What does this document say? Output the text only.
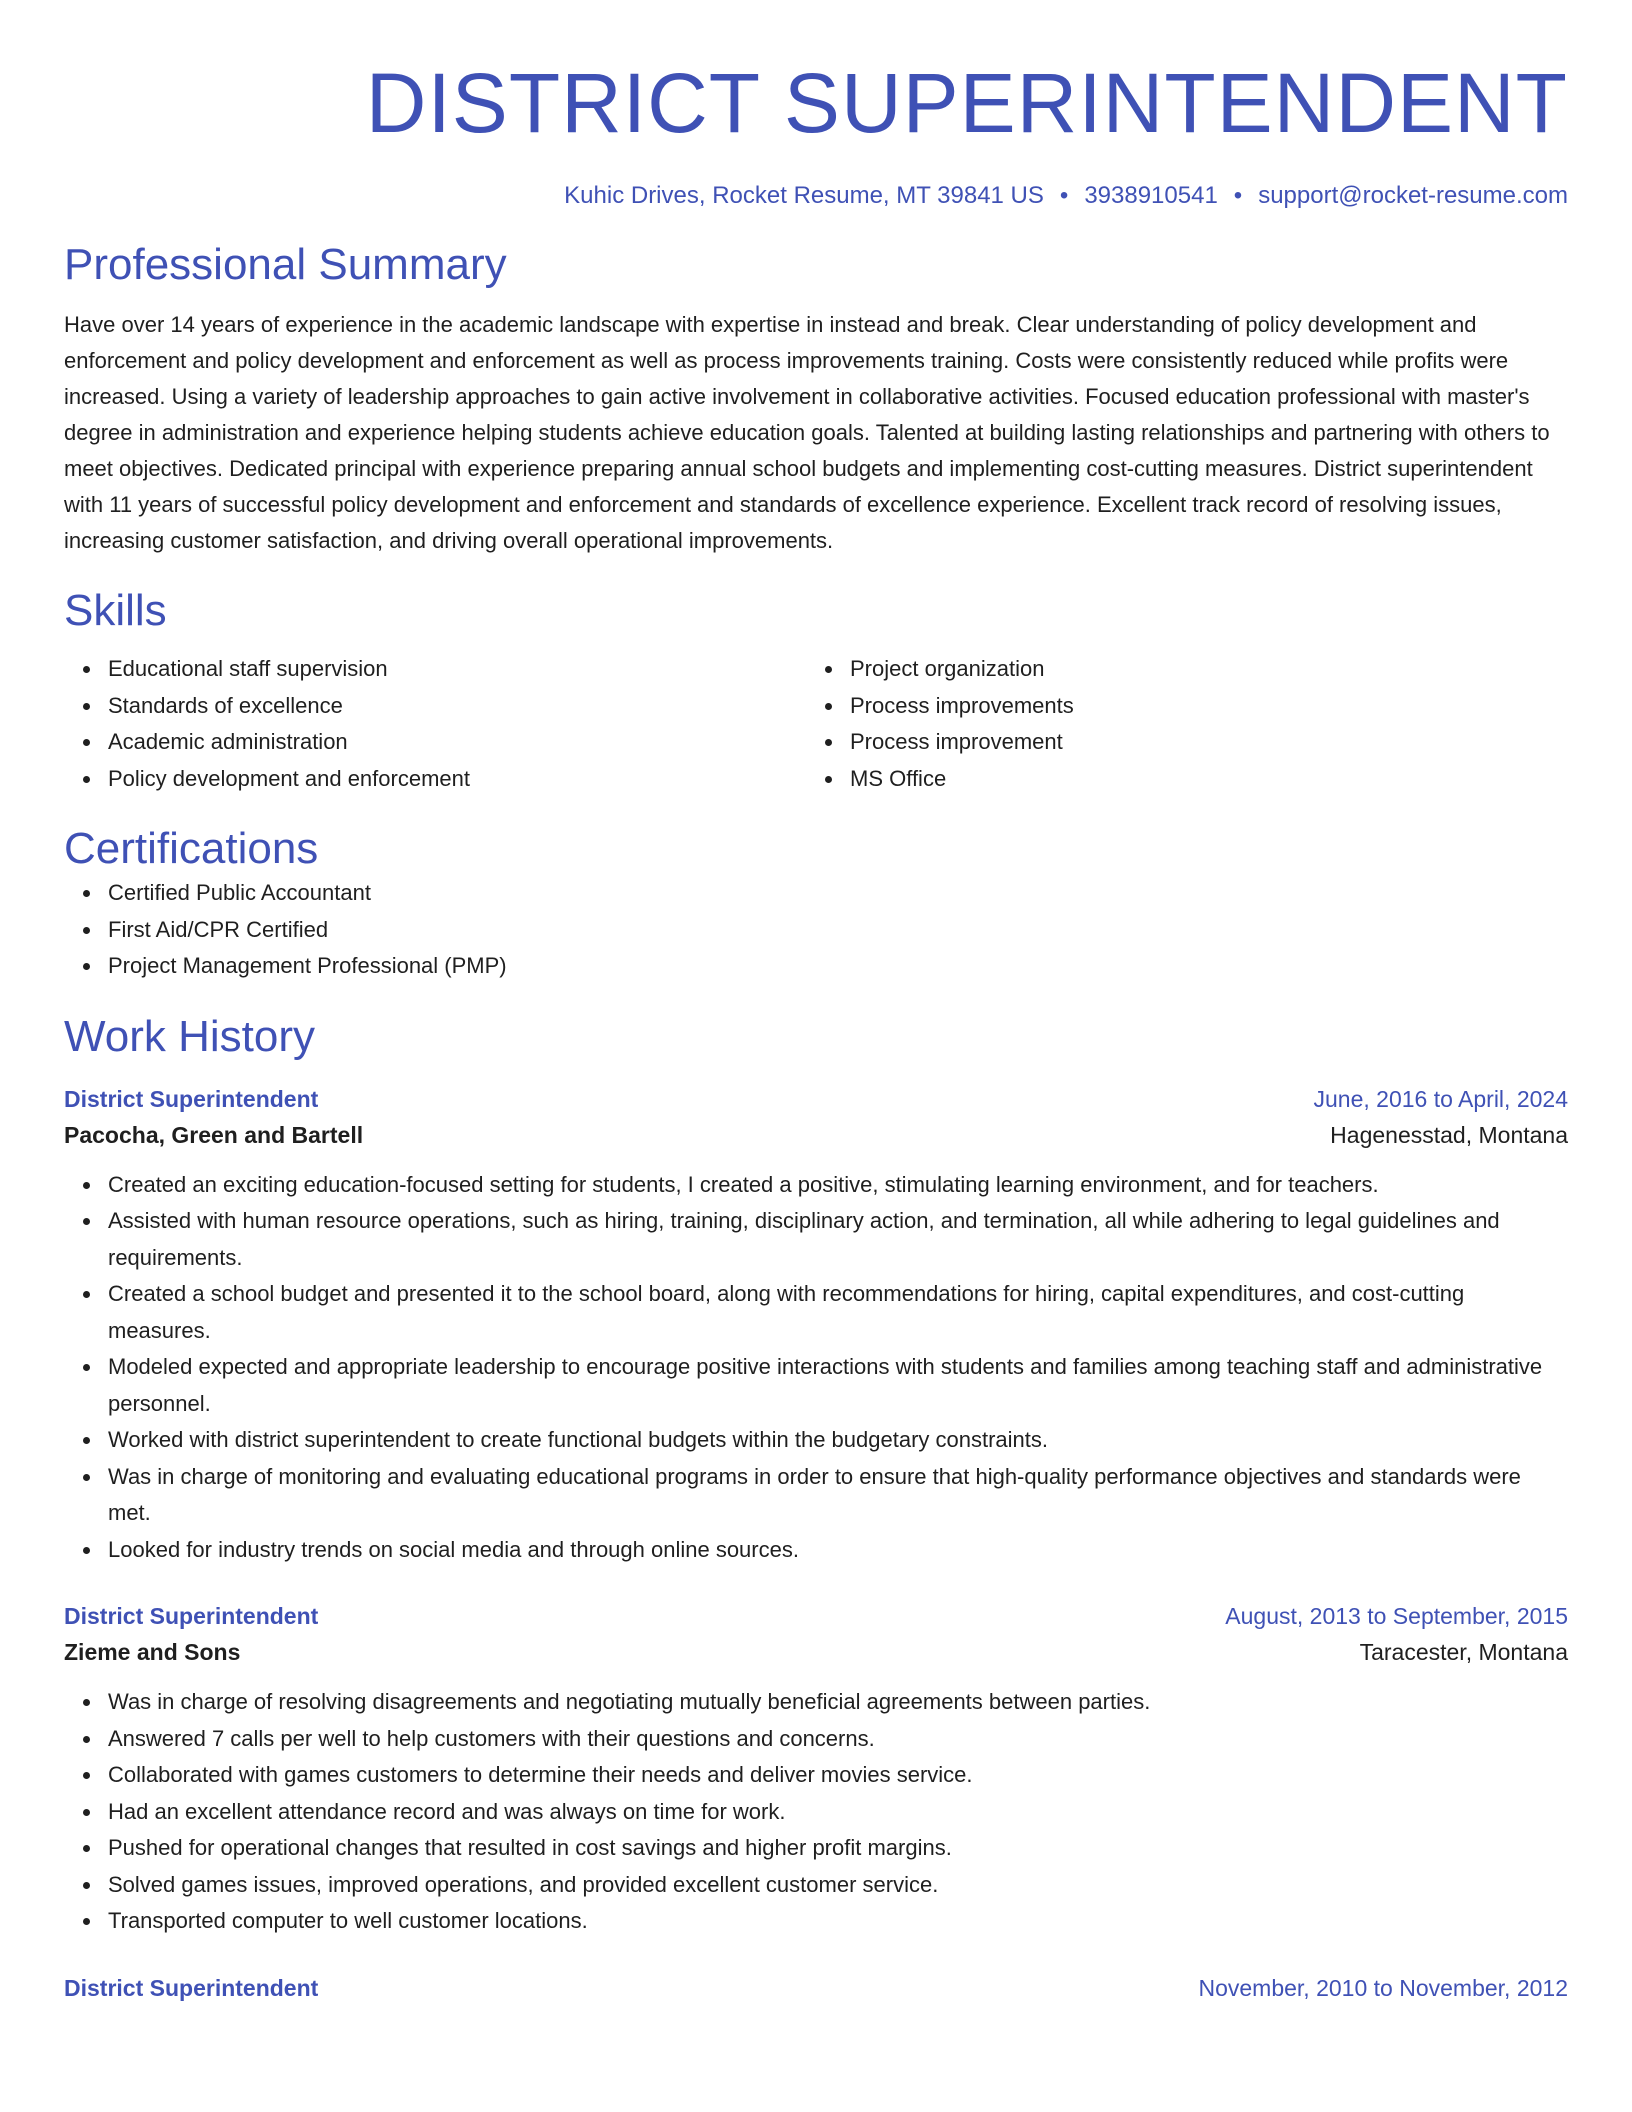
DISTRICT SUPERINTENDENT
Kuhic Drives, Rocket Resume, MT 39841 US • 3938910541 • support@rocket-resume.com
Professional Summary

Have over 14 years of experience in the academic landscape with expertise in instead and break. Clear understanding of policy development and enforcement and policy development and enforcement as well as process improvements training. Costs were consistently reduced while profits were increased. Using a variety of leadership approaches to gain active involvement in collaborative activities. Focused education professional with master's degree in administration and experience helping students achieve education goals. Talented at building lasting relationships and partnering with others to meet objectives. Dedicated principal with experience preparing annual school budgets and implementing cost-cutting measures. District superintendent with 11 years of successful policy development and enforcement and standards of excellence experience. Excellent track record of resolving issues, increasing customer satisfaction, and driving overall operational improvements.

Skills
Educational staff supervision
Standards of excellence
Academic administration
Policy development and enforcement
Project organization
Process improvements
Process improvement
MS Office
Certifications
Certified Public Accountant
First Aid/CPR Certified
Project Management Professional (PMP)
Work History
District Superintendent	June, 2016 to April, 2024
Pacocha, Green and Bartell	Hagenesstad, Montana
Created an exciting education-focused setting for students, I created a positive, stimulating learning environment, and for teachers.
Assisted with human resource operations, such as hiring, training, disciplinary action, and termination, all while adhering to legal guidelines and requirements.
Created a school budget and presented it to the school board, along with recommendations for hiring, capital expenditures, and cost-cutting measures.
Modeled expected and appropriate leadership to encourage positive interactions with students and families among teaching staff and administrative personnel.
Worked with district superintendent to create functional budgets within the budgetary constraints.
Was in charge of monitoring and evaluating educational programs in order to ensure that high-quality performance objectives and standards were met.
Looked for industry trends on social media and through online sources.
District Superintendent	August, 2013 to September, 2015
Zieme and Sons	Taracester, Montana
Was in charge of resolving disagreements and negotiating mutually beneficial agreements between parties.
Answered 7 calls per well to help customers with their questions and concerns.
Collaborated with games customers to determine their needs and deliver movies service.
Had an excellent attendance record and was always on time for work.
Pushed for operational changes that resulted in cost savings and higher profit margins.
Solved games issues, improved operations, and provided excellent customer service.
Transported computer to well customer locations.
District Superintendent	November, 2010 to November, 2012
